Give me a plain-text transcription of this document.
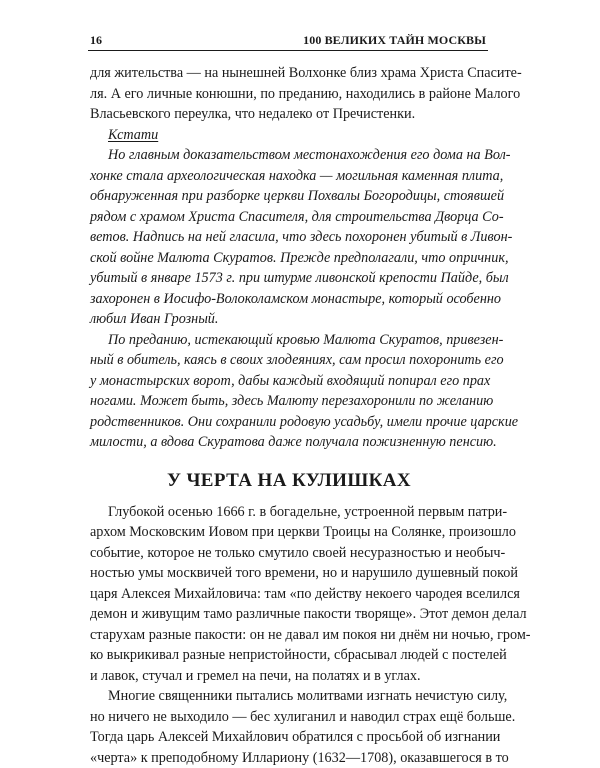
16	100 ВЕЛИКИХ ТАЙН МОСКВЫ
для жительства — на нынешней Волхонке близ храма Христа Спасите-
ля. А его личные конюшни, по преданию, находились в районе Малого
Власьевского переулка, что недалеко от Пречистенки.
Кстати
Но главным доказательством местонахождения его дома на Вол-
хонке стала археологическая находка — могильная каменная плита,
обнаруженная при разборке церкви Похвалы Богородицы, стоявшей
рядом с храмом Христа Спасителя, для строительства Дворца Со-
ветов. Надпись на ней гласила, что здесь похоронен убитый в Ливон-
ской войне Малюта Скуратов. Прежде предполагали, что опричник,
убитый в январе 1573 г. при штурме ливонской крепости Пайде, был
захоронен в Иосифо-Волоколамском монастыре, который особенно
любил Иван Грозный.
По преданию, истекающий кровью Малюта Скуратов, привезен-
ный в обитель, каясь в своих злодеяниях, сам просил похоронить его
у монастырских ворот, дабы каждый входящий попирал его прах
ногами. Может быть, здесь Малюту перезахоронили по желанию
родственников. Они сохранили родовую усадьбу, имели прочие царские
милости, а вдова Скуратова даже получала пожизненную пенсию.
У ЧЕРТА НА КУЛИШКАХ
Глубокой осенью 1666 г. в богадельне, устроенной первым патри-
архом Московским Иовом при церкви Троицы на Солянке, произошло
событие, которое не только смутило своей несуразностью и необыч-
ностью умы москвичей того времени, но и нарушило душевный покой
царя Алексея Михайловича: там «по действу некоего чародея вселился
демон и живущим тамо различные пакости творяще». Этот демон делал
старухам разные пакости: он не давал им покоя ни днём ни ночью, гром-
ко выкрикивал разные непристойности, сбрасывал людей с постелей
и лавок, стучал и гремел на печи, на полатях и в углах.
Многие священники пытались молитвами изгнать нечистую силу,
но ничего не выходило — бес хулиганил и наводил страх ещё больше.
Тогда царь Алексей Михайлович обратился с просьбой об изгнании
«черта» к преподобному Иллариону (1632—1708), оказавшегося в то
